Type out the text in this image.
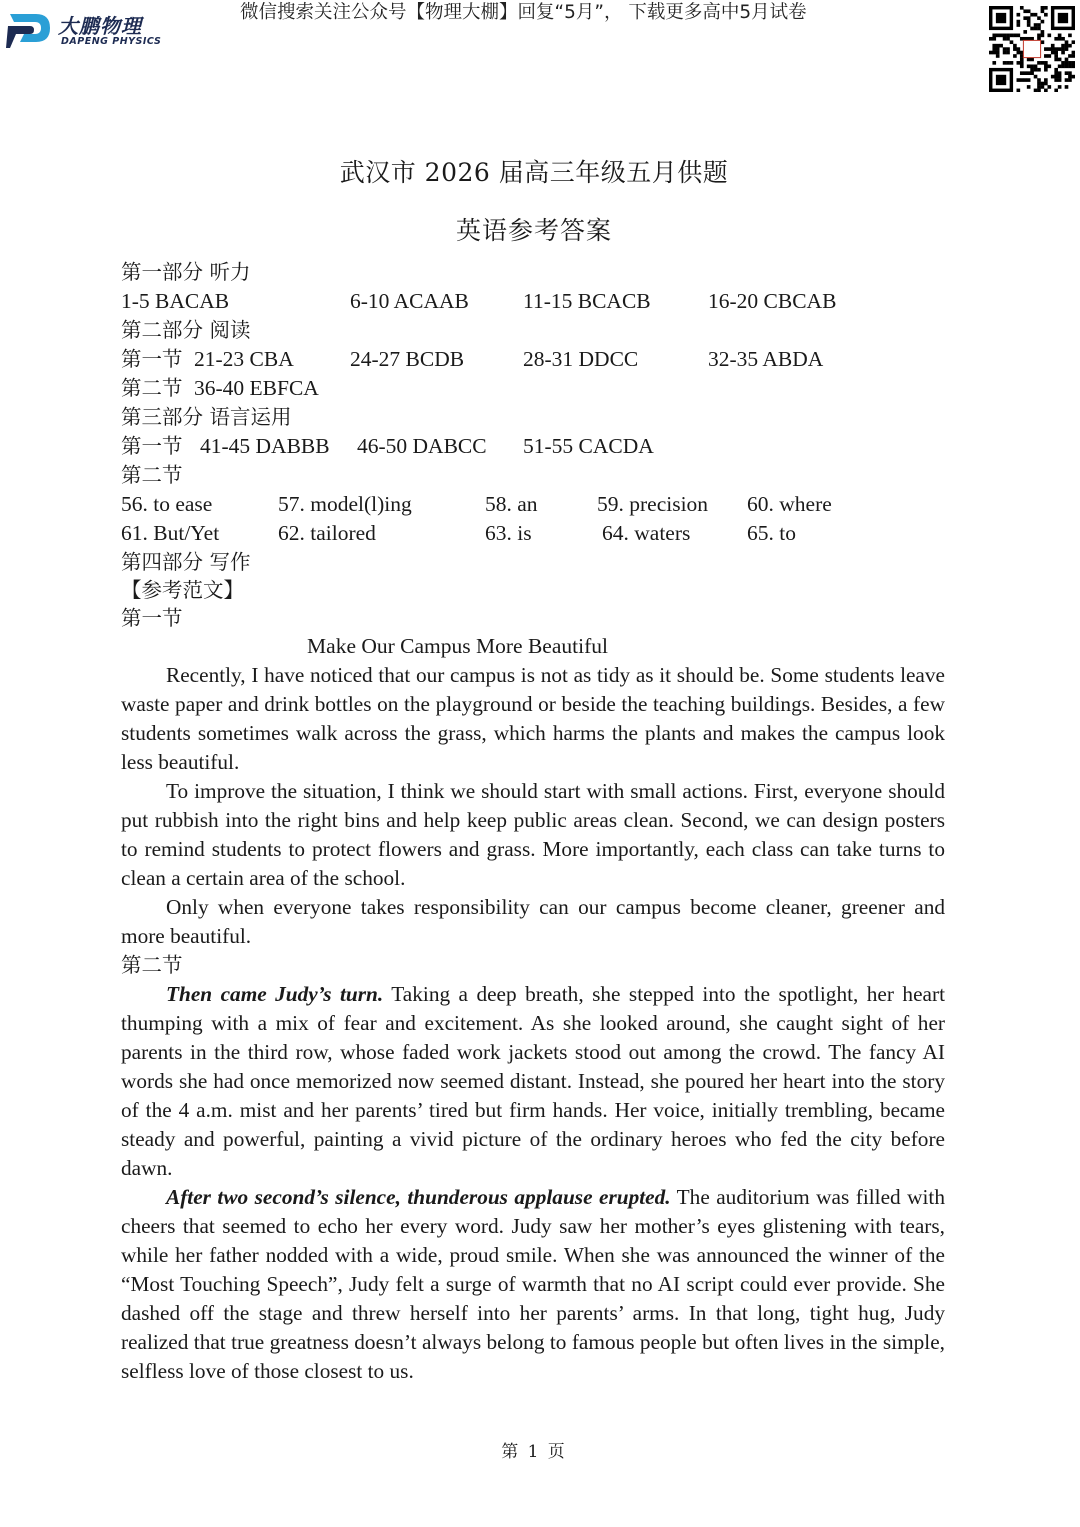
大鹏物理
DAPENG PHYSICS
微信搜索关注公众号【物理大棚】回复“5月”， 下载更多高中5月试卷
武汉市 2026 届高三年级五月供题
英语参考答案
第一部分 听力
1-5 BACAB	6-10 ACAAB	11-15 BCACB	16-20 CBCAB
第二部分 阅读
第一节 21-23 CBA	24-27 BCDB	28-31 DDCC	32-35 ABDA
第二节 36-40 EBFCA
第三部分 语言运用
第一节 41-45 DABBB 46-50 DABCC 51-55 CACDA
第二节
56. to ease	57. model(l)ing	58. an	59. precision 60. where
61. But/Yet	62. tailored	63. is	64. waters	65. to
第四部分 写作
【参考范文】
第一节
Make Our Campus More Beautiful
Recently, I have noticed that our campus is not as tidy as it should be. Some students leave waste paper and drink bottles on the playground or beside the teaching buildings. Besides, a few students sometimes walk across the grass, which harms the plants and makes the campus look less beautiful.
To improve the situation, I think we should start with small actions. First, everyone should put rubbish into the right bins and help keep public areas clean. Second, we can design posters to remind students to protect flowers and grass. More importantly, each class can take turns to clean a certain area of the school.
Only when everyone takes responsibility can our campus become cleaner, greener and more beautiful.
第二节
Then came Judy’s turn. Taking a deep breath, she stepped into the spotlight, her heart thumping with a mix of fear and excitement. As she looked around, she caught sight of her parents in the third row, whose faded work jackets stood out among the crowd. The fancy AI words she had once memorized now seemed distant. Instead, she poured her heart into the story of the 4 a.m. mist and her parents’ tired but firm hands. Her voice, initially trembling, became steady and powerful, painting a vivid picture of the ordinary heroes who fed the city before dawn.
After two second’s silence, thunderous applause erupted. The auditorium was filled with cheers that seemed to echo her every word. Judy saw her mother’s eyes glistening with tears, while her father nodded with a wide, proud smile. When she was announced the winner of the “Most Touching Speech”, Judy felt a surge of warmth that no AI script could ever provide. She dashed off the stage and threw herself into her parents’ arms. In that long, tight hug, Judy realized that true greatness doesn’t always belong to famous people but often lives in the simple, selfless love of those closest to us.
第 1 页
